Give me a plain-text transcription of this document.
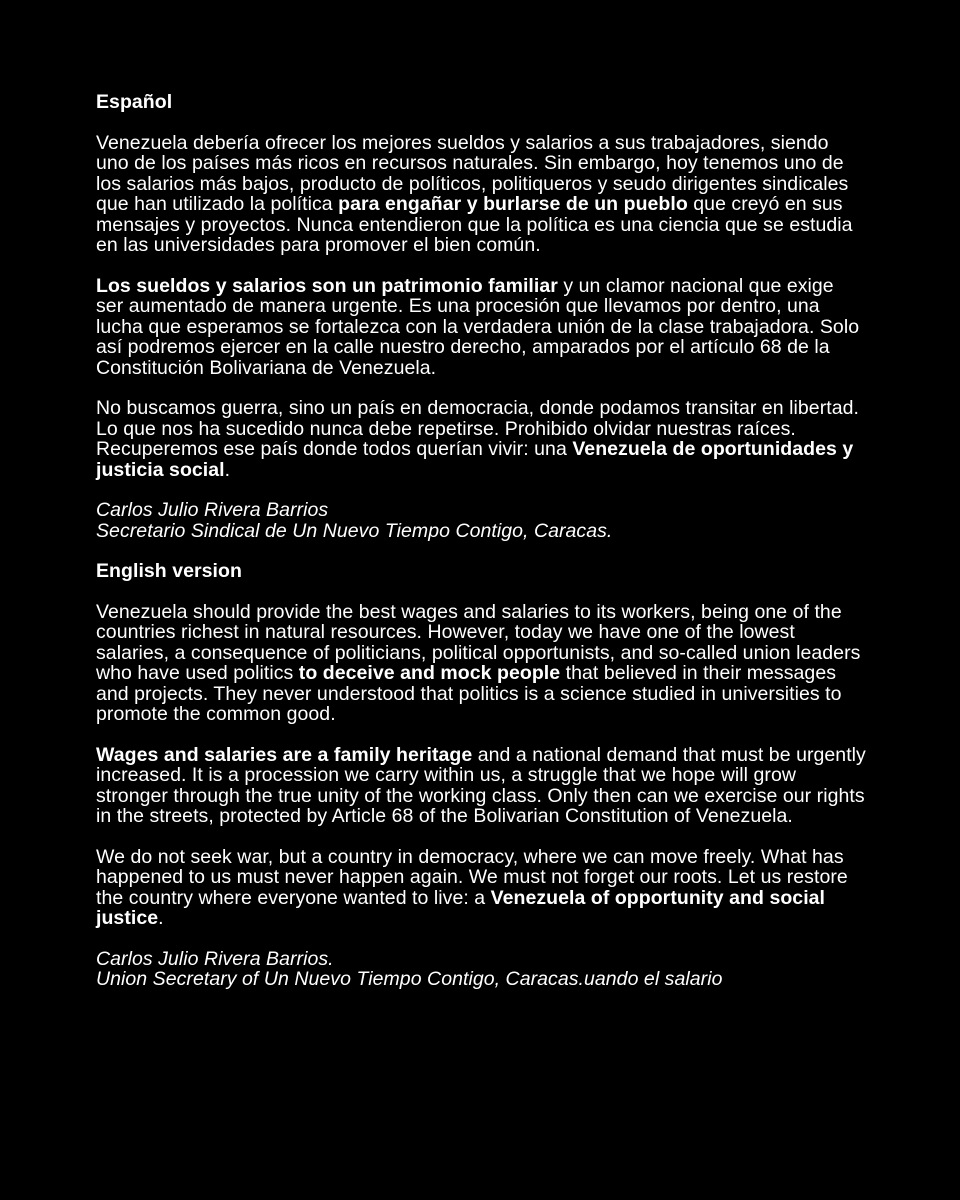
Español
Venezuela debería ofrecer los mejores sueldos y salarios a sus trabajadores, siendo uno de los países más ricos en recursos naturales. Sin embargo, hoy tenemos uno de los salarios más bajos, producto de políticos, politiqueros y seudo dirigentes sindicales que han utilizado la política para engañar y burlarse de un pueblo que creyó en sus mensajes y proyectos. Nunca entendieron que la política es una ciencia que se estudia en las universidades para promover el bien común.
Los sueldos y salarios son un patrimonio familiar y un clamor nacional que exige ser aumentado de manera urgente. Es una procesión que llevamos por dentro, una lucha que esperamos se fortalezca con la verdadera unión de la clase trabajadora. Solo así podremos ejercer en la calle nuestro derecho, amparados por el artículo 68 de la Constitución Bolivariana de Venezuela.
No buscamos guerra, sino un país en democracia, donde podamos transitar en libertad. Lo que nos ha sucedido nunca debe repetirse. Prohibido olvidar nuestras raíces. Recuperemos ese país donde todos querían vivir: una Venezuela de oportunidades y justicia social.
Carlos Julio Rivera Barrios
Secretario Sindical de Un Nuevo Tiempo Contigo, Caracas.
English version
Venezuela should provide the best wages and salaries to its workers, being one of the countries richest in natural resources. However, today we have one of the lowest salaries, a consequence of politicians, political opportunists, and so-called union leaders who have used politics to deceive and mock people that believed in their messages and projects. They never understood that politics is a science studied in universities to promote the common good.
Wages and salaries are a family heritage and a national demand that must be urgently increased. It is a procession we carry within us, a struggle that we hope will grow stronger through the true unity of the working class. Only then can we exercise our rights in the streets, protected by Article 68 of the Bolivarian Constitution of Venezuela.
We do not seek war, but a country in democracy, where we can move freely. What has happened to us must never happen again. We must not forget our roots. Let us restore the country where everyone wanted to live: a Venezuela of opportunity and social justice.
Carlos Julio Rivera Barrios.
Union Secretary of Un Nuevo Tiempo Contigo, Caracas.uando el salario
